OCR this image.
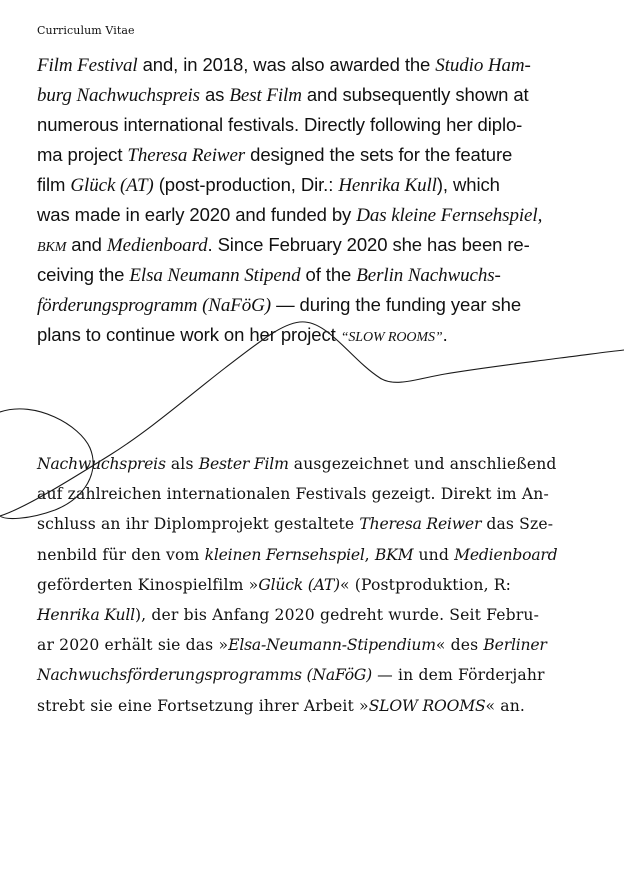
Curriculum Vitae
Film Festival and, in 2018, was also awarded the Studio Ham-
burg Nachwuchspreis as Best Film and subsequently shown at
numerous international festivals. Directly following her diplo-
ma project Theresa Reiwer designed the sets for the feature
film Glück (AT) (post-production, Dir.: Henrika Kull), which
was made in early 2020 and funded by Das kleine Fernsehspiel,
BKM and Medienboard. Since February 2020 she has been re-
ceiving the Elsa Neumann Stipend of the Berlin Nachwuchs-
förderungsprogramm (NaFöG) — during the funding year she
plans to continue work on her project “SLOW ROOMS”.
Nachwuchspreis als Bester Film ausgezeichnet und anschließend
auf zahlreichen internationalen Festivals gezeigt. Direkt im An-
schluss an ihr Diplomprojekt gestaltete Theresa Reiwer das Sze-
nenbild für den vom kleinen Fernsehspiel, BKM und Medienboard
geförderten Kinospielfilm »Glück (AT)« (Postproduktion, R:
Henrika Kull), der bis Anfang 2020 gedreht wurde. Seit Febru-
ar 2020 erhält sie das »Elsa-Neumann-Stipendium« des Berliner
Nachwuchsförderungsprogramms (NaFöG) — in dem Förderjahr
strebt sie eine Fortsetzung ihrer Arbeit »SLOW ROOMS« an.
